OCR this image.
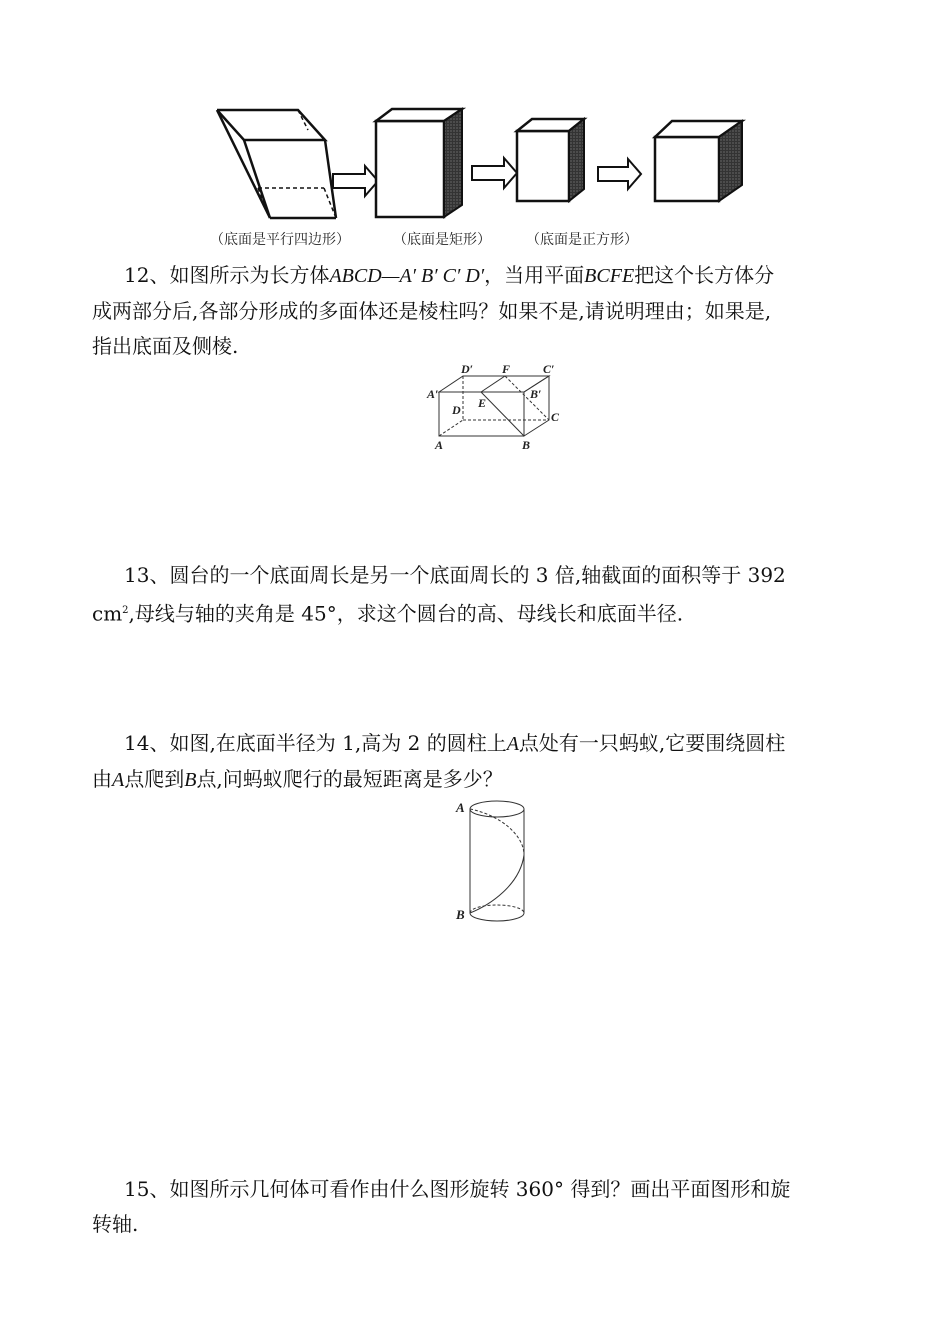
（底面是平行四边形）	（底面是矩形）	（底面是正方形）
12、如图所示为长方体ABCD—A′ B′ C′ D′，当用平面BCFE把这个长方体分
成两部分后,各部分形成的多面体还是棱柱吗？如果不是,请说明理由；如果是,
指出底面及侧棱.
D′ F	C′
A′	B′
D E
C
A	B
13、圆台的一个底面周长是另一个底面周长的 3 倍,轴截面的面积等于 392
$cm^2$,母线与轴的夹角是 45°，求这个圆台的高、母线长和底面半径.
14、如图,在底面半径为 1,高为 2 的圆柱上A点处有一只蚂蚁,它要围绕圆柱
由A点爬到B点,问蚂蚁爬行的最短距离是多少？
A
B
15、如图所示几何体可看作由什么图形旋转 360° 得到？画出平面图形和旋
转轴.
